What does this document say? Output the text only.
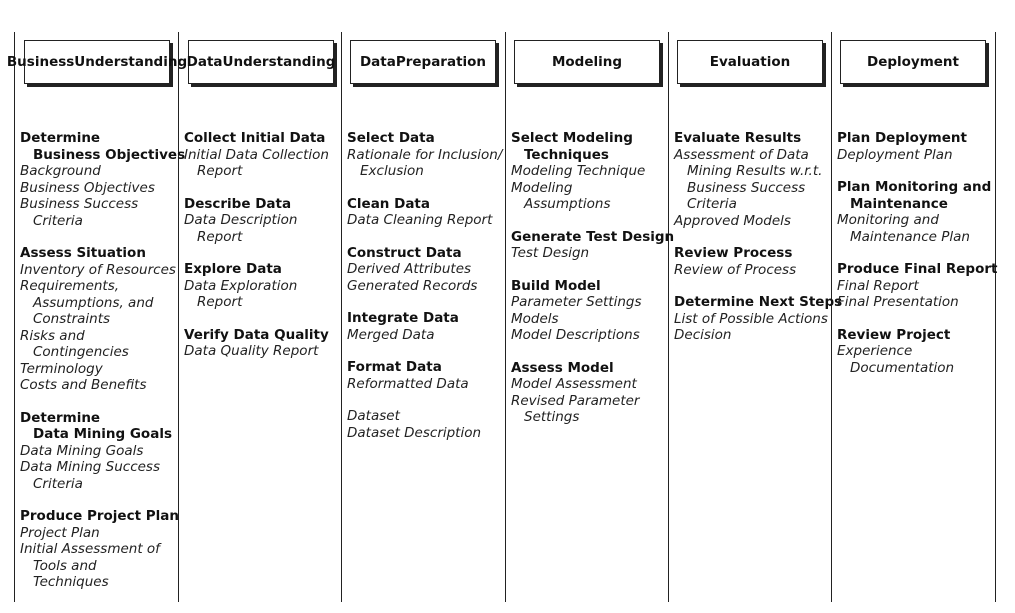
Business Understanding
Determine
Business Objectives
Background
Business Objectives
Business Success
Criteria
Assess Situation
Inventory of Resources
Requirements,
Assumptions, and
Constraints
Risks and
Contingencies
Terminology
Costs and Benefits
Determine
Data Mining Goals
Data Mining Goals
Data Mining Success
Criteria
Produce Project Plan
Project Plan
Initial Assessment of
Tools and
Techniques
Data Understanding
Collect Initial Data
Initial Data Collection
Report
Describe Data
Data Description
Report
Explore Data
Data Exploration
Report
Verify Data Quality
Data Quality Report
Data Preparation
Select Data
Rationale for Inclusion/
Exclusion
Clean Data
Data Cleaning Report
Construct Data
Derived Attributes
Generated Records
Integrate Data
Merged Data
Format Data
Reformatted Data
Dataset
Dataset Description
Modeling
Select Modeling
Techniques
Modeling Technique
Modeling
Assumptions
Generate Test Design
Test Design
Build Model
Parameter Settings
Models
Model Descriptions
Assess Model
Model Assessment
Revised Parameter
Settings
Evaluation
Evaluate Results
Assessment of Data
Mining Results w.r.t.
Business Success
Criteria
Approved Models
Review Process
Review of Process
Determine Next Steps
List of Possible Actions
Decision
Deployment
Plan Deployment
Deployment Plan
Plan Monitoring and
Maintenance
Monitoring and
Maintenance Plan
Produce Final Report
Final Report
Final Presentation
Review Project
Experience
Documentation
